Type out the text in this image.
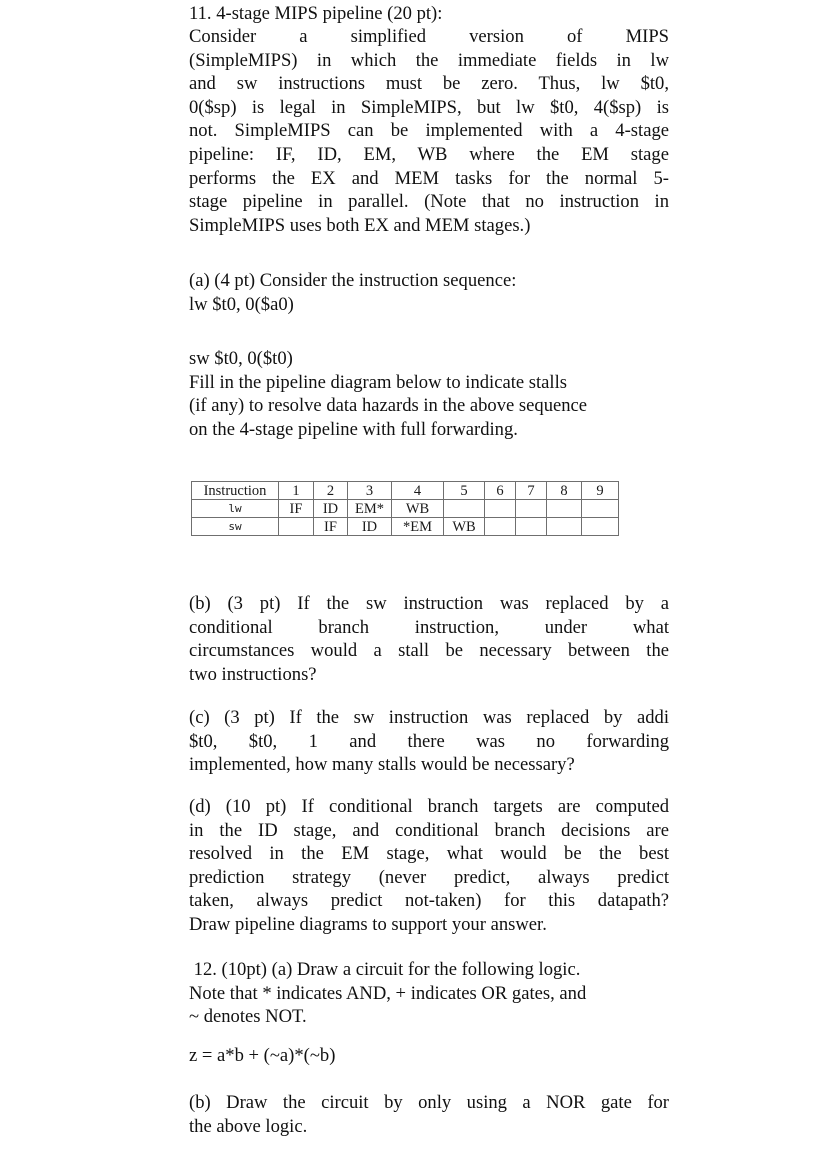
11. 4-stage MIPS pipeline (20 pt):
Consider a simplified version of MIPS
(SimpleMIPS) in which the immediate fields in lw
and sw instructions must be zero. Thus, lw $t0,
0($sp) is legal in SimpleMIPS, but lw $t0, 4($sp) is
not. SimpleMIPS can be implemented with a 4-stage
pipeline: IF, ID, EM, WB where the EM stage
performs the EX and MEM tasks for the normal 5-
stage pipeline in parallel. (Note that no instruction in
SimpleMIPS uses both EX and MEM stages.)
(a) (4 pt) Consider the instruction sequence:
lw $t0, 0($a0)
sw $t0, 0($t0)
Fill in the pipeline diagram below to indicate stalls
(if any) to resolve data hazards in the above sequence
on the 4-stage pipeline with full forwarding.
Instruction	1	2	3	4	5	6	7	8	9
lw	IF	ID	EM*	WB					
sw		IF	ID	*EM	WB				
(b) (3 pt) If the sw instruction was replaced by a
conditional branch instruction, under what
circumstances would a stall be necessary between the
two instructions?
(c) (3 pt) If the sw instruction was replaced by addi
$t0, $t0, 1 and there was no forwarding
implemented, how many stalls would be necessary?
(d) (10 pt) If conditional branch targets are computed
in the ID stage, and conditional branch decisions are
resolved in the EM stage, what would be the best
prediction strategy (never predict, always predict
taken, always predict not-taken) for this datapath?
Draw pipeline diagrams to support your answer.
12. (10pt) (a) Draw a circuit for the following logic.
Note that * indicates AND, + indicates OR gates, and
~ denotes NOT.
z = a*b + (~a)*(~b)
(b) Draw the circuit by only using a NOR gate for
the above logic.
